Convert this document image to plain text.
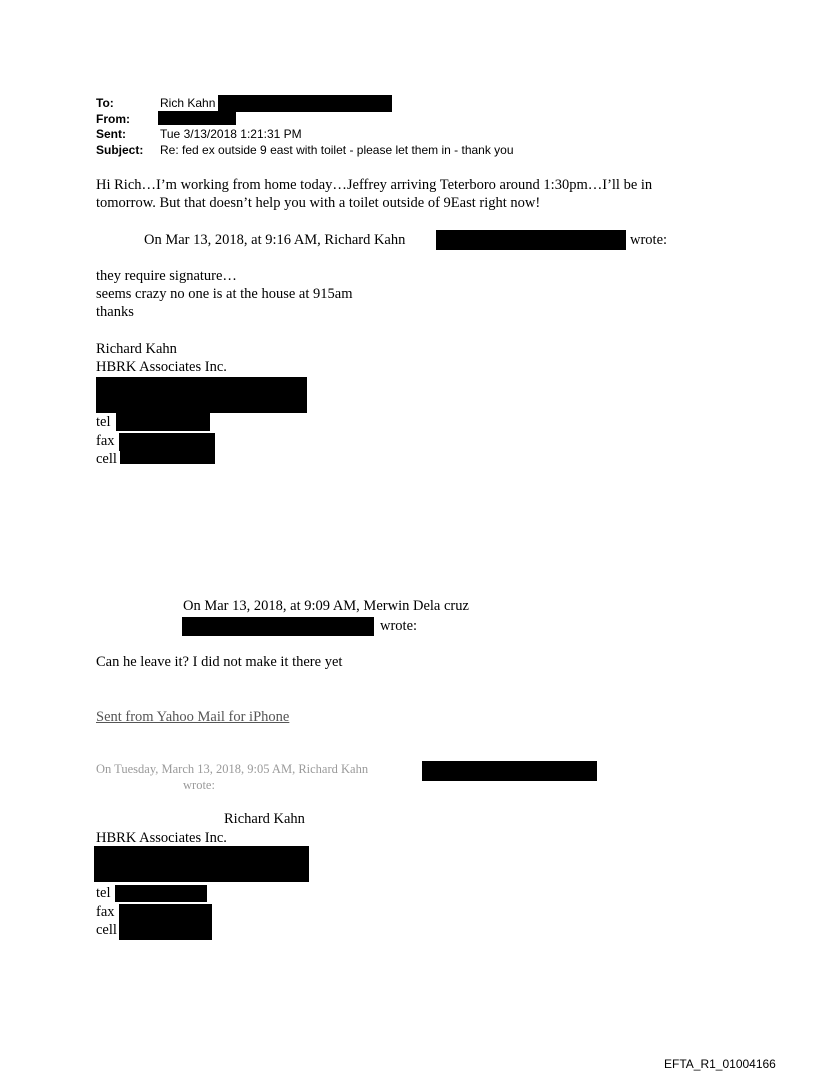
To:	Rich Kahn
From:
Sent:	Tue 3/13/2018 1:21:31 PM
Subject: Re: fed ex outside 9 east with toilet - please let them in - thank you
Hi Rich…I’m working from home today…Jeffrey arriving Teterboro around 1:30pm…I’ll be in
tomorrow. But that doesn’t help you with a toilet outside of 9East right now!
On Mar 13, 2018, at 9:16 AM, Richard Kahn	wrote:
they require signature…
seems crazy no one is at the house at 915am
thanks
Richard Kahn
HBRK Associates Inc.
tel
fax
cell
On Mar 13, 2018, at 9:09 AM, Merwin Dela cruz
wrote:
Can he leave it? I did not make it there yet
Sent from Yahoo Mail for iPhone
On Tuesday, March 13, 2018, 9:05 AM, Richard Kahn
wrote:
Richard Kahn
HBRK Associates Inc.
tel
fax
cell
EFTA_R1_01004166
